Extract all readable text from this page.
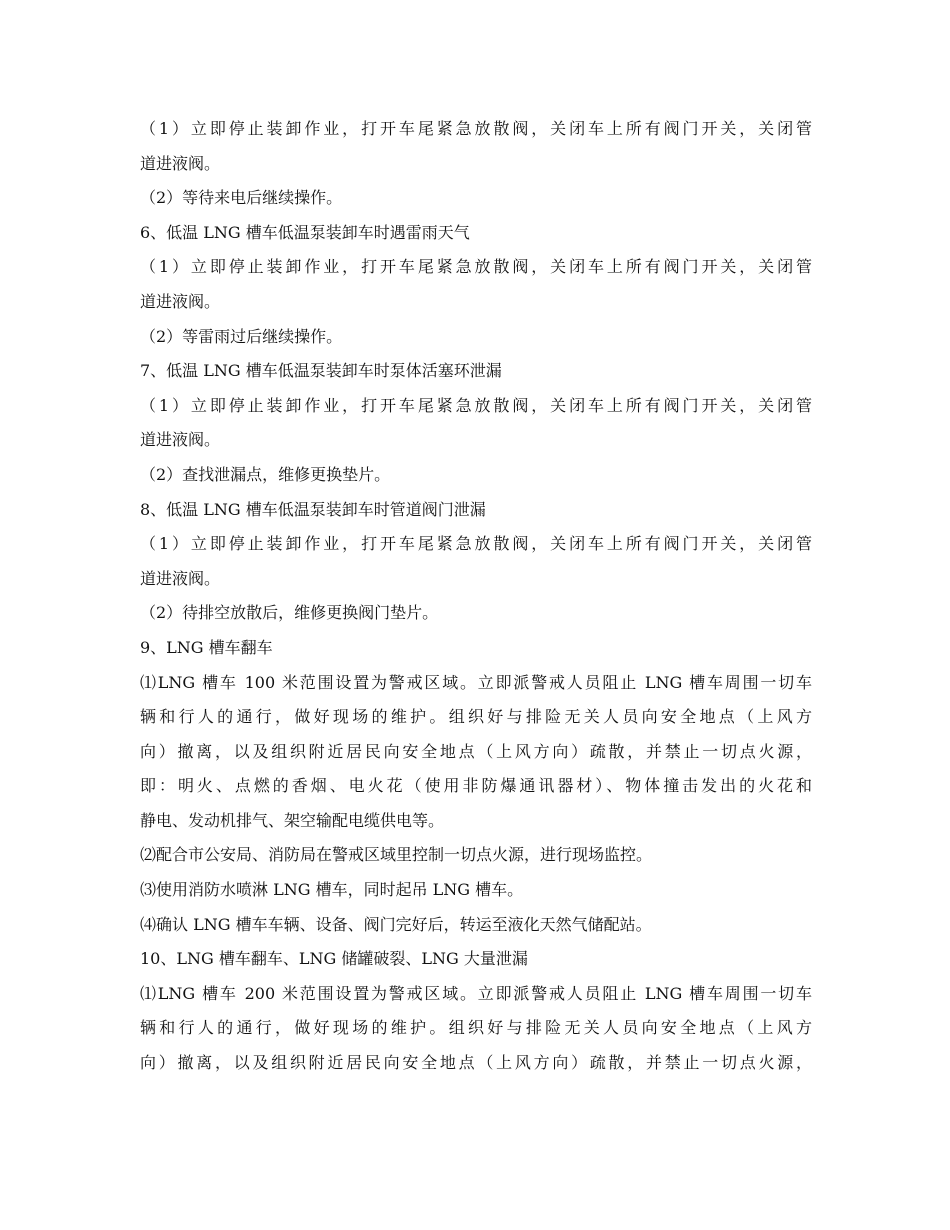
（1）立即停止装卸作业，打开车尾紧急放散阀，关闭车上所有阀门开关，关闭管
道进液阀。
（2）等待来电后继续操作。
6、低温 LNG 槽车低温泵装卸车时遇雷雨天气
（1）立即停止装卸作业，打开车尾紧急放散阀，关闭车上所有阀门开关，关闭管
道进液阀。
（2）等雷雨过后继续操作。
7、低温 LNG 槽车低温泵装卸车时泵体活塞环泄漏
（1）立即停止装卸作业，打开车尾紧急放散阀，关闭车上所有阀门开关，关闭管
道进液阀。
（2）查找泄漏点，维修更换垫片。
8、低温 LNG 槽车低温泵装卸车时管道阀门泄漏
（1）立即停止装卸作业，打开车尾紧急放散阀，关闭车上所有阀门开关，关闭管
道进液阀。
（2）待排空放散后，维修更换阀门垫片。
9、LNG 槽车翻车
⑴LNG 槽车 100 米范围设置为警戒区域。立即派警戒人员阻止 LNG 槽车周围一切车
辆和行人的通行，做好现场的维护。组织好与排险无关人员向安全地点（上风方
向）撤离，以及组织附近居民向安全地点（上风方向）疏散，并禁止一切点火源，
即：明火、点燃的香烟、电火花（使用非防爆通讯器材）、物体撞击发出的火花和
静电、发动机排气、架空输配电缆供电等。
⑵配合市公安局、消防局在警戒区域里控制一切点火源，进行现场监控。
⑶使用消防水喷淋 LNG 槽车，同时起吊 LNG 槽车。
⑷确认 LNG 槽车车辆、设备、阀门完好后，转运至液化天然气储配站。
10、LNG 槽车翻车、LNG 储罐破裂、LNG 大量泄漏
⑴LNG 槽车 200 米范围设置为警戒区域。立即派警戒人员阻止 LNG 槽车周围一切车
辆和行人的通行，做好现场的维护。组织好与排险无关人员向安全地点（上风方
向）撤离，以及组织附近居民向安全地点（上风方向）疏散，并禁止一切点火源，
